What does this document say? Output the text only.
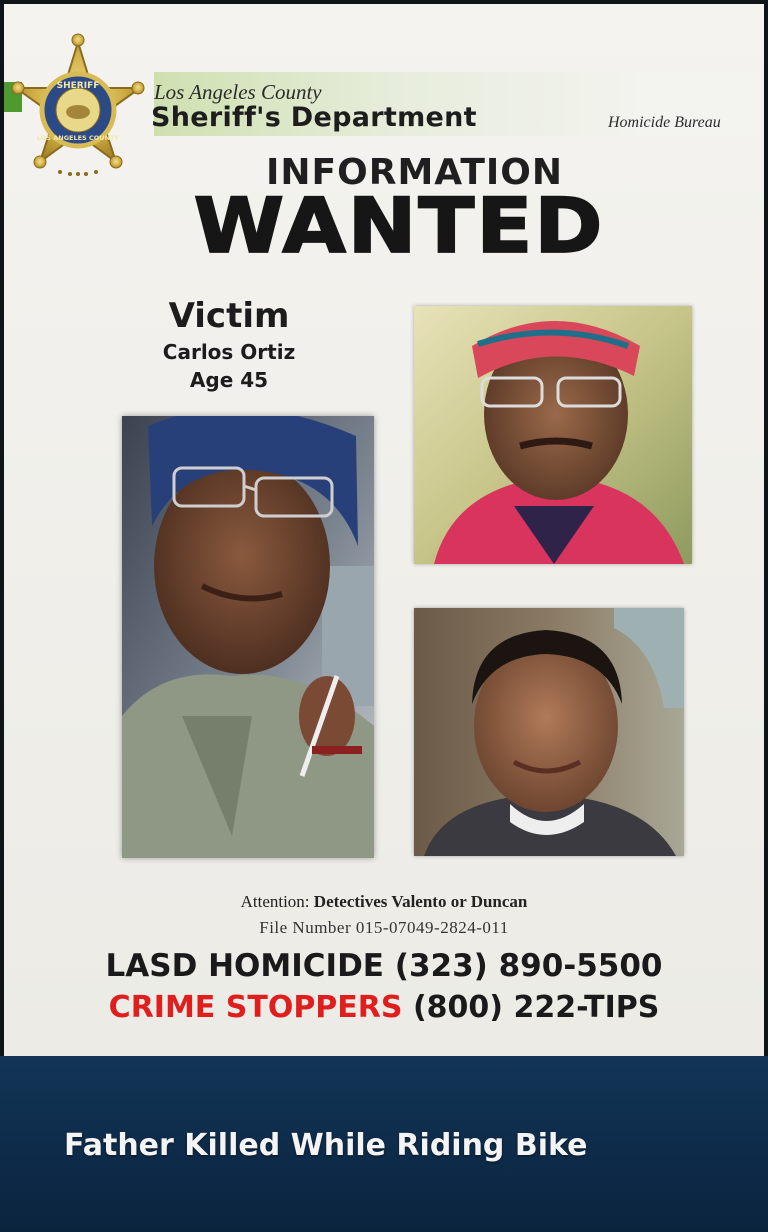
SHERIFF
LOS ANGELES COUNTY
Los Angeles County
Sheriff's Department	Homicide Bureau
INFORMATION
WANTED
Victim
Carlos Ortiz
Age 45
Attention: Detectives Valento or Duncan
File Number 015-07049-2824-011
LASD HOMICIDE (323) 890-5500
CRIME STOPPERS (800) 222-TIPS
Father Killed While Riding Bike
